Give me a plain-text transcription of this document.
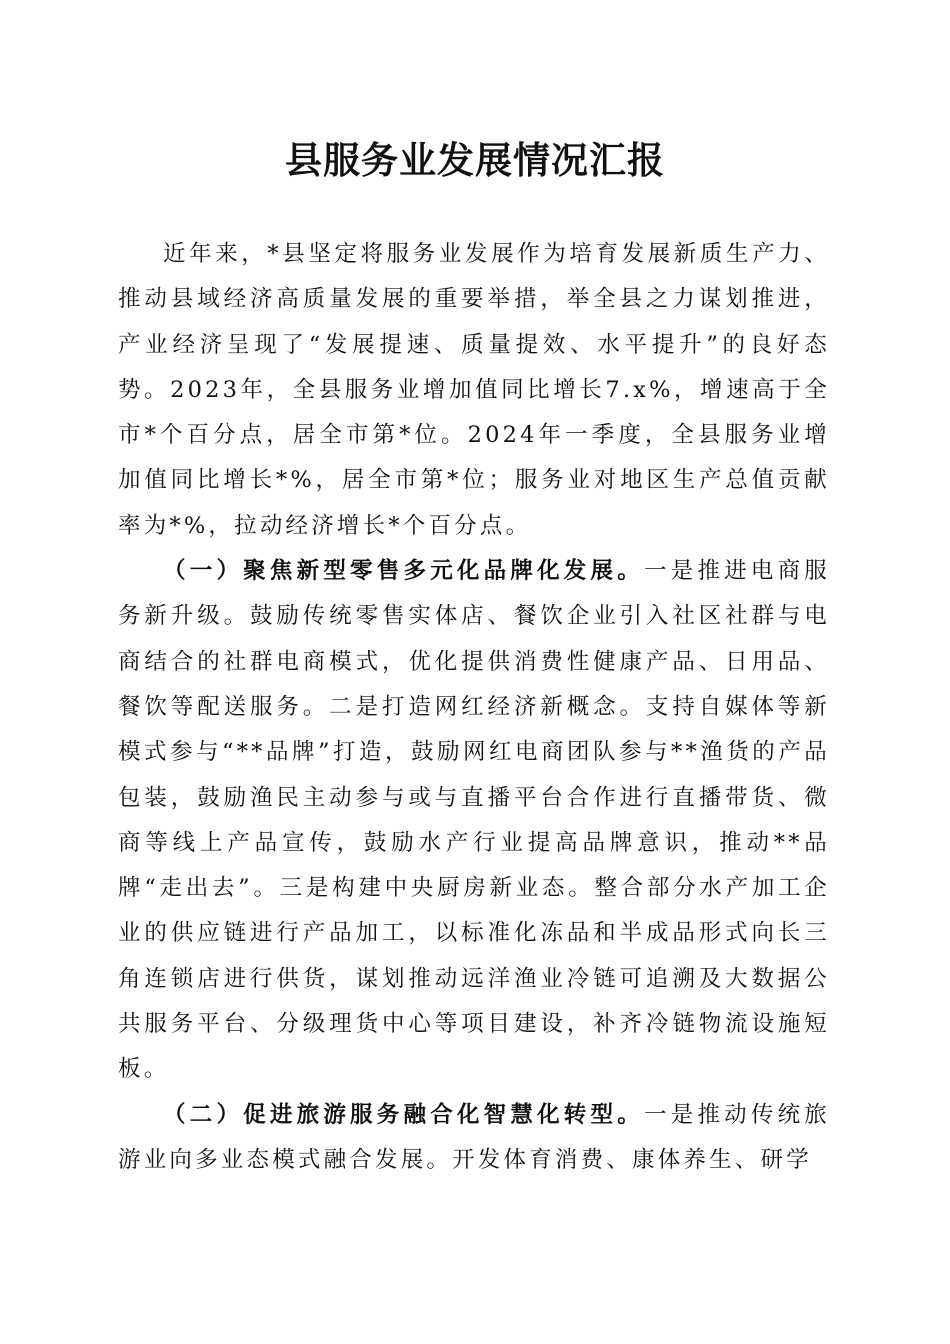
县服务业发展情况汇报

近年来，*县坚定将服务业发展作为培育发展新质生产力、推动县域经济高质量发展的重要举措，举全县之力谋划推进，产业经济呈现了“发展提速、质量提效、水平提升”的良好态势。2023年，全县服务业增加值同比增长7.x%，增速高于全市*个百分点，居全市第*位。2024年一季度，全县服务业增加值同比增长*%，居全市第*位；服务业对地区生产总值贡献率为*%，拉动经济增长*个百分点。

（一）聚焦新型零售多元化品牌化发展。一是推进电商服务新升级。鼓励传统零售实体店、餐饮企业引入社区社群与电商结合的社群电商模式，优化提供消费性健康产品、日用品、餐饮等配送服务。二是打造网红经济新概念。支持自媒体等新模式参与“**品牌”打造，鼓励网红电商团队参与**渔货的产品包装，鼓励渔民主动参与或与直播平台合作进行直播带货、微商等线上产品宣传，鼓励水产行业提高品牌意识，推动**品牌“走出去”。三是构建中央厨房新业态。整合部分水产加工企业的供应链进行产品加工，以标准化冻品和半成品形式向长三角连锁店进行供货，谋划推动远洋渔业冷链可追溯及大数据公共服务平台、分级理货中心等项目建设，补齐冷链物流设施短板。

（二）促进旅游服务融合化智慧化转型。一是推动传统旅游业向多业态模式融合发展。开发体育消费、康体养生、研学
